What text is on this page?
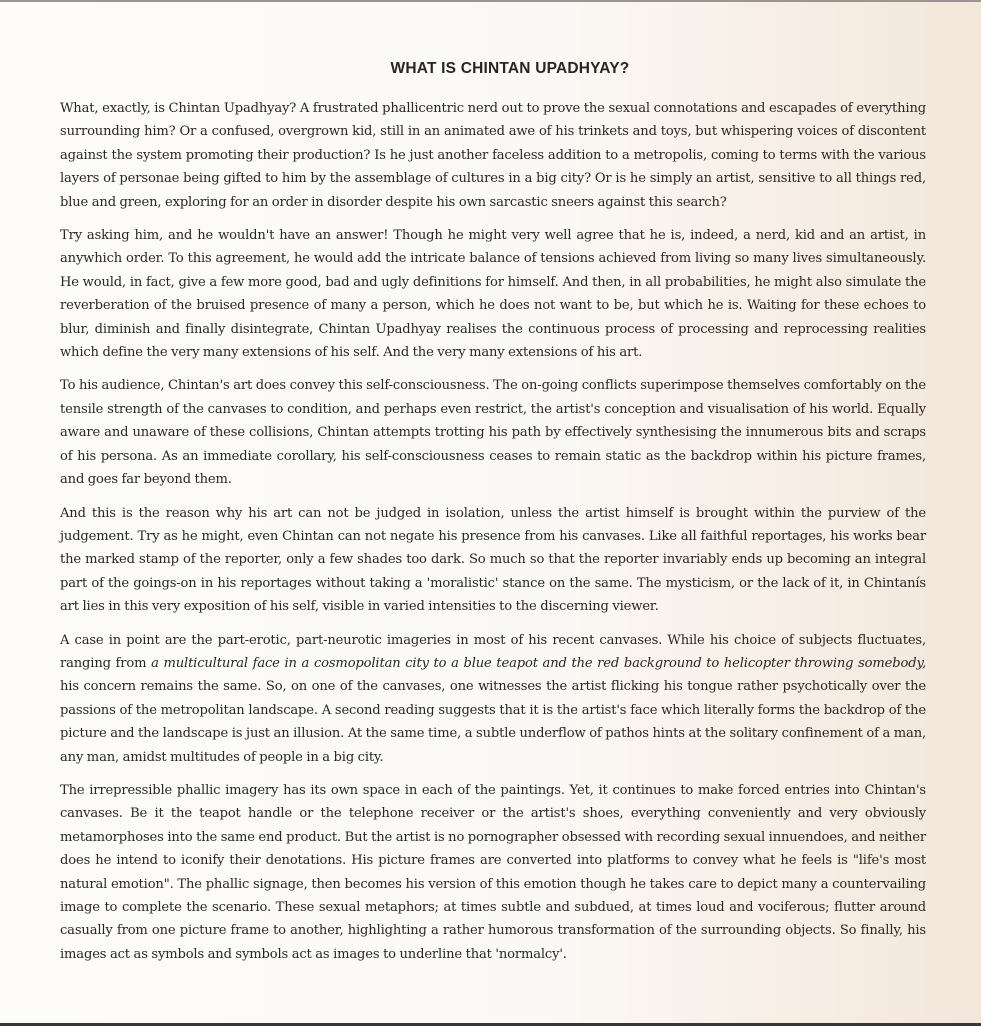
WHAT IS CHINTAN UPADHYAY?

What, exactly, is Chintan Upadhyay? A frustrated phallicentric nerd out to prove the sexual connotations and escapades of everything surrounding him? Or a confused, overgrown kid, still in an animated awe of his trinkets and toys, but whispering voices of discontent against the system promoting their production? Is he just another faceless addition to a metropolis, coming to terms with the various layers of personae being gifted to him by the assemblage of cultures in a big city? Or is he simply an artist, sensitive to all things red, blue and green, exploring for an order in disorder despite his own sarcastic sneers against this search?

Try asking him, and he wouldn't have an answer! Though he might very well agree that he is, indeed, a nerd, kid and an artist, in anywhich order. To this agreement, he would add the intricate balance of tensions achieved from living so many lives simultaneously. He would, in fact, give a few more good, bad and ugly definitions for himself. And then, in all probabilities, he might also simulate the reverberation of the bruised presence of many a person, which he does not want to be, but which he is. Waiting for these echoes to blur, diminish and finally disintegrate, Chintan Upadhyay realises the continuous process of processing and reprocessing realities which define the very many extensions of his self. And the very many extensions of his art.

To his audience, Chintan's art does convey this self-consciousness. The on-going conflicts superimpose themselves comfortably on the tensile strength of the canvases to condition, and perhaps even restrict, the artist's conception and visualisation of his world. Equally aware and unaware of these collisions, Chintan attempts trotting his path by effectively synthesising the innumerous bits and scraps of his persona. As an immediate corollary, his self-consciousness ceases to remain static as the backdrop within his picture frames, and goes far beyond them.

And this is the reason why his art can not be judged in isolation, unless the artist himself is brought within the purview of the judgement. Try as he might, even Chintan can not negate his presence from his canvases. Like all faithful reportages, his works bear the marked stamp of the reporter, only a few shades too dark. So much so that the reporter invariably ends up becoming an integral part of the goings-on in his reportages without taking a 'moralistic' stance on the same. The mysticism, or the lack of it, in Chintanís art lies in this very exposition of his self, visible in varied intensities to the discerning viewer.

A case in point are the part-erotic, part-neurotic imageries in most of his recent canvases. While his choice of subjects fluctuates, ranging from a multicultural face in a cosmopolitan city to a blue teapot and the red background to helicopter throwing somebody, his concern remains the same. So, on one of the canvases, one witnesses the artist flicking his tongue rather psychotically over the passions of the metropolitan landscape. A second reading suggests that it is the artist's face which literally forms the backdrop of the picture and the landscape is just an illusion. At the same time, a subtle underflow of pathos hints at the solitary confinement of a man, any man, amidst multitudes of people in a big city.

The irrepressible phallic imagery has its own space in each of the paintings. Yet, it continues to make forced entries into Chintan's canvases. Be it the teapot handle or the telephone receiver or the artist's shoes, everything conveniently and very obviously metamorphoses into the same end product. But the artist is no pornographer obsessed with recording sexual innuendoes, and neither does he intend to iconify their denotations. His picture frames are converted into platforms to convey what he feels is "life's most natural emotion". The phallic signage, then becomes his version of this emotion though he takes care to depict many a countervailing image to complete the scenario. These sexual metaphors; at times subtle and subdued, at times loud and vociferous; flutter around casually from one picture frame to another, highlighting a rather humorous transformation of the surrounding objects. So finally, his images act as symbols and symbols act as images to underline that 'normalcy'.
